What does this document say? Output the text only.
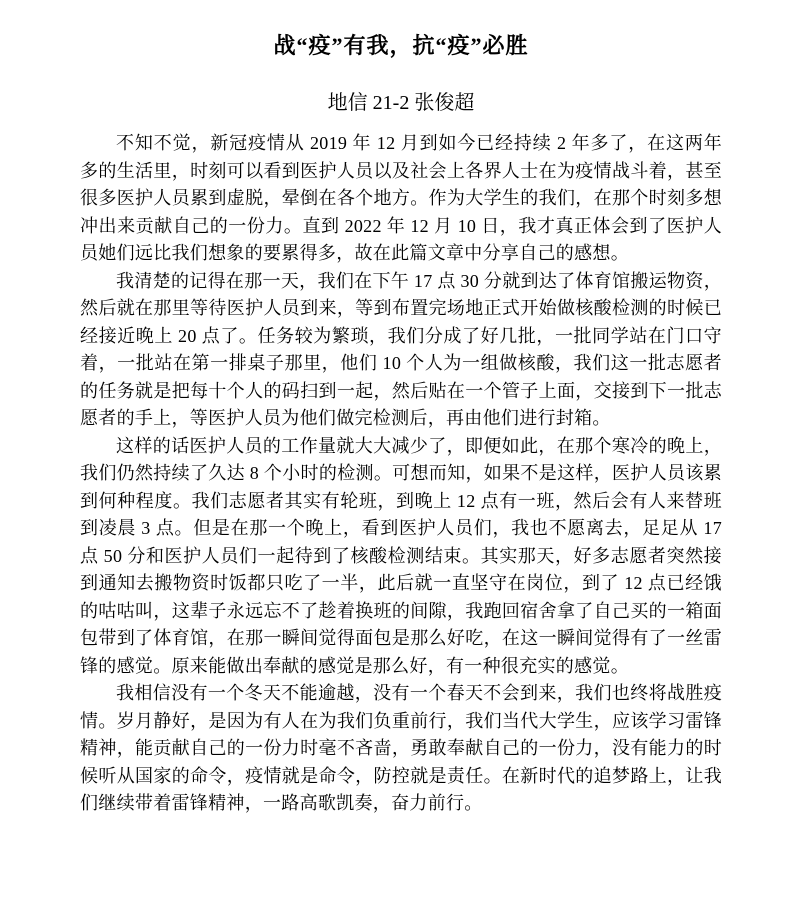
战“疫”有我，抗“疫”必胜
地信 21-2 张俊超

不知不觉，新冠疫情从 2019 年 12 月到如今已经持续 2 年多了，在这两年多的生活里，时刻可以看到医护人员以及社会上各界人士在为疫情战斗着，甚至很多医护人员累到虚脱，晕倒在各个地方。作为大学生的我们，在那个时刻多想冲出来贡献自己的一份力。直到 2022 年 12 月 10 日，我才真正体会到了医护人员她们远比我们想象的要累得多，故在此篇文章中分享自己的感想。

我清楚的记得在那一天，我们在下午 17 点 30 分就到达了体育馆搬运物资，然后就在那里等待医护人员到来，等到布置完场地正式开始做核酸检测的时候已经接近晚上 20 点了。任务较为繁琐，我们分成了好几批，一批同学站在门口守着，一批站在第一排桌子那里，他们 10 个人为一组做核酸，我们这一批志愿者的任务就是把每十个人的码扫到一起，然后贴在一个管子上面，交接到下一批志愿者的手上，等医护人员为他们做完检测后，再由他们进行封箱。

这样的话医护人员的工作量就大大减少了，即便如此，在那个寒冷的晚上，我们仍然持续了久达 8 个小时的检测。可想而知，如果不是这样，医护人员该累到何种程度。我们志愿者其实有轮班，到晚上 12 点有一班，然后会有人来替班到凌晨 3 点。但是在那一个晚上，看到医护人员们，我也不愿离去，足足从 17 点 50 分和医护人员们一起待到了核酸检测结束。其实那天，好多志愿者突然接到通知去搬物资时饭都只吃了一半，此后就一直坚守在岗位，到了 12 点已经饿的咕咕叫，这辈子永远忘不了趁着换班的间隙，我跑回宿舍拿了自己买的一箱面包带到了体育馆，在那一瞬间觉得面包是那么好吃，在这一瞬间觉得有了一丝雷锋的感觉。原来能做出奉献的感觉是那么好，有一种很充实的感觉。

我相信没有一个冬天不能逾越，没有一个春天不会到来，我们也终将战胜疫情。岁月静好，是因为有人在为我们负重前行，我们当代大学生，应该学习雷锋精神，能贡献自己的一份力时毫不吝啬，勇敢奉献自己的一份力，没有能力的时候听从国家的命令，疫情就是命令，防控就是责任。在新时代的追梦路上，让我们继续带着雷锋精神，一路高歌凯奏，奋力前行。
